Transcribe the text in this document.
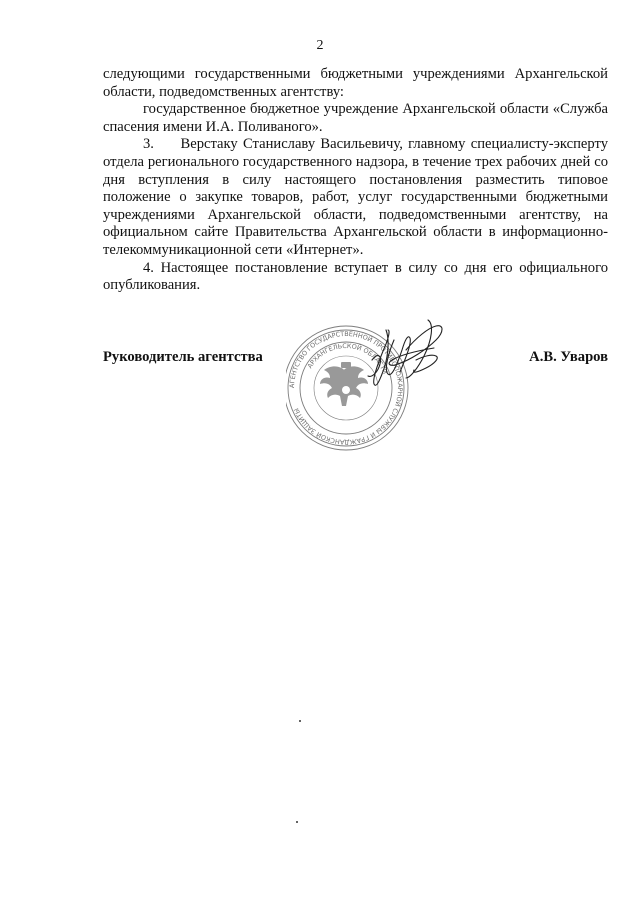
2

следующими государственными бюджетными учреждениями Архангельской области, подведомственных агентству:

государственное бюджетное учреждение Архангельской области «Служба спасения имени И.А. Поливаного».

3.     Верстаку Станиславу Васильевичу, главному специалисту-эксперту отдела регионального государственного надзора, в течение трех рабочих дней со дня вступления в силу настоящего постановления разместить типовое положение о закупке товаров, работ, услуг государственными бюджетными учреждениями Архангельской области, подведомственными агентству, на официальном сайте Правительства Архангельской области в информационно-телекоммуникационной сети «Интернет».

4. Настоящее постановление вступает в силу со дня его официального опубликования.

Руководитель агентства	А.В. Уваров
АГЕНТСТВО ГОСУДАРСТВЕННОЙ ПРОТИВОПОЖАРНОЙ СЛУЖБЫ И ГРАЖДАНСКОЙ ЗАЩИТЫ
АРХАНГЕЛЬСКОЙ ОБЛАСТИ
